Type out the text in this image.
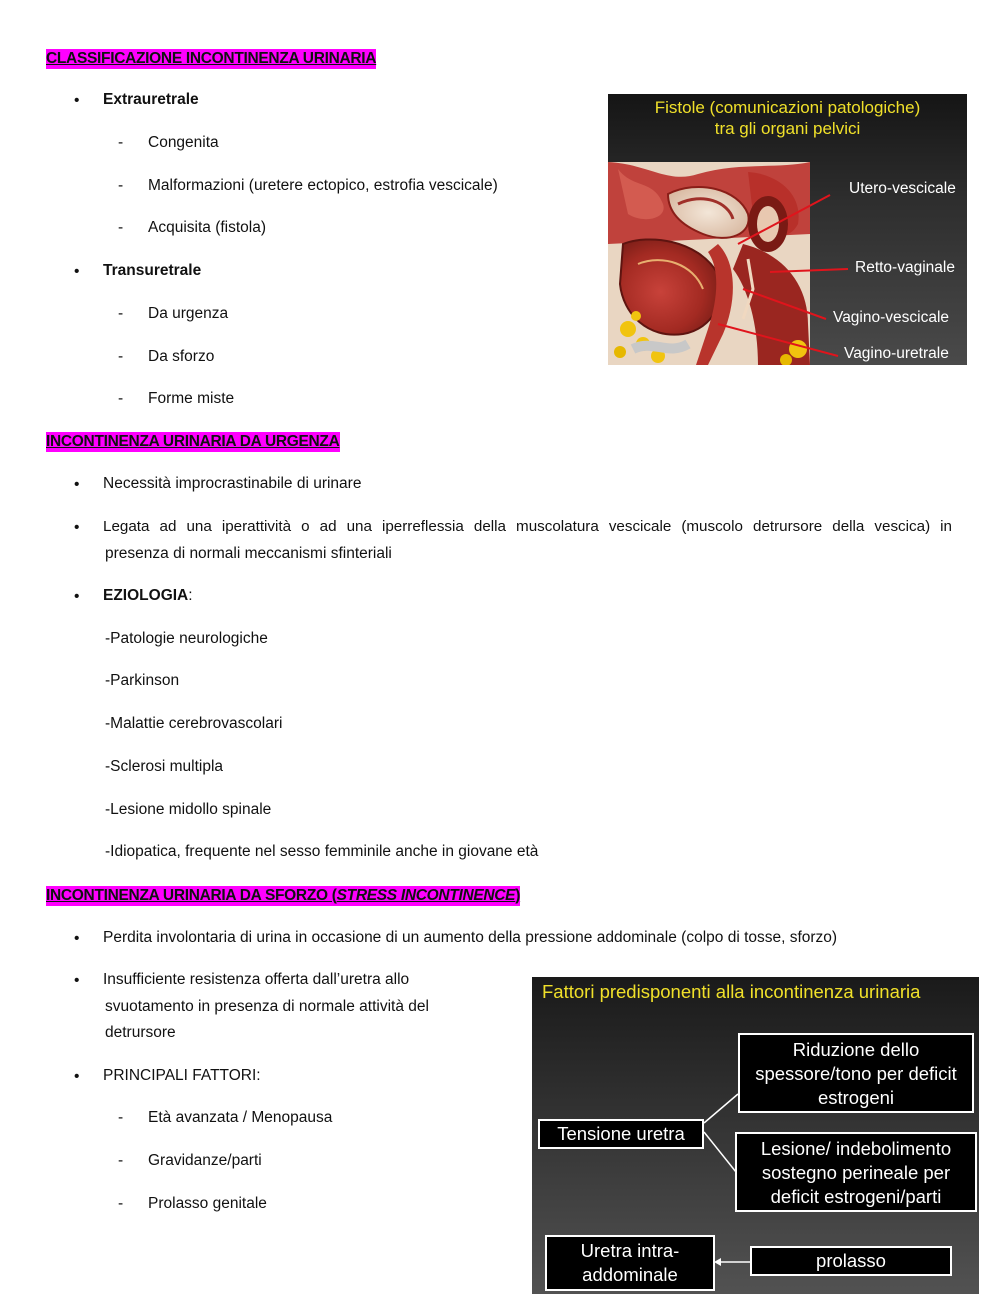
CLASSIFICAZIONE INCONTINENZA URINARIA
• Extrauretrale
- Congenita
- Malformazioni (uretere ectopico, estrofia vescicale)
- Acquisita (fistola)
• Transuretrale
- Da urgenza
- Da sforzo
- Forme miste
Fistole (comunicazioni patologiche)
tra gli organi pelvici
Utero-vescicale
Retto-vaginale
Vagino-vescicale
Vagino-uretrale
INCONTINENZA URINARIA DA URGENZA
• Necessità improcrastinabile di urinare
• Legata ad una iperattività o ad una iperreflessia della muscolatura vescicale (muscolo detrursore della vescica) in
presenza di normali meccanismi sfinteriali
• EZIOLOGIA:
-Patologie neurologiche
-Parkinson
-Malattie cerebrovascolari
-Sclerosi multipla
-Lesione midollo spinale
-Idiopatica, frequente nel sesso femminile anche in giovane età
INCONTINENZA URINARIA DA SFORZO (STRESS INCONTINENCE)
• Perdita involontaria di urina in occasione di un aumento della pressione addominale (colpo di tosse, sforzo)
• Insufficiente resistenza offerta dall’uretra allo
svuotamento in presenza di normale attività del
detrursore
• PRINCIPALI FATTORI:
- Età avanzata / Menopausa
- Gravidanze/parti
- Prolasso genitale
Fattori predisponenti alla incontinenza urinaria
Riduzione dello
spessore/tono per deficit
estrogeni
Tensione uretra
Lesione/ indebolimento
sostegno perineale per
deficit estrogeni/parti
Uretra intra-
addominale
prolasso
